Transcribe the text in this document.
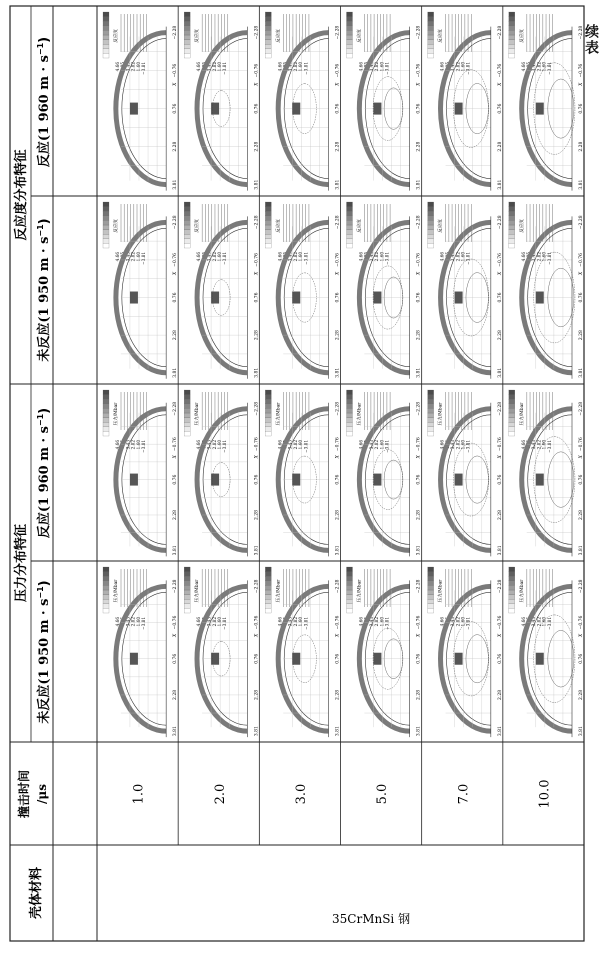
续表
壳体材料
撞击时间 /μs
压力分布特征
反应度分布特征
未反应(1 950 $m \cdot s^{-1}$)
反应(1 960 $m \cdot s^{-1}$)
未反应(1 950 $m \cdot s^{-1}$)
反应(1 960 $m \cdot s^{-1}$)
35CrMnSi 钢
1.0
压力/Mbar
4.66 4.05 3.43 2.82 1.60 −3.81
3.81
2.28
0.76
−0.76
−2.28
X
压力/Mbar
4.66 4.05 3.43 2.82 1.60 −3.81
3.81
2.28
0.76
−0.76
−2.28
X
反应度
4.66 4.05 3.43 2.82 1.60 −3.81
3.81
2.28
0.76
−0.76
−2.28
X
反应度
4.66 4.05 3.43 2.82 1.60 −3.81
3.81
2.28
0.76
−0.76
−2.28
X
2.0
压力/Mbar
4.66 4.05 3.43 2.82 1.60 −3.81
3.81
2.28
0.76
−0.76
−2.28
X
压力/Mbar
4.66 4.05 3.43 2.82 1.60 −3.81
3.81
2.28
0.76
−0.76
−2.28
X
反应度
4.66 4.05 3.43 2.82 1.60 −3.81
3.81
2.28
0.76
−0.76
−2.28
X
反应度
4.66 4.05 3.43 2.82 1.60 −3.81
3.81
2.28
0.76
−0.76
−2.28
X
3.0
压力/Mbar
4.66 4.05 3.43 2.82 1.60 −3.81
3.81
2.28
0.76
−0.76
−2.28
X
压力/Mbar
4.66 4.05 3.43 2.82 1.60 −3.81
3.81
2.28
0.76
−0.76
−2.28
X
反应度
4.66 4.05 3.43 2.82 1.60 −3.81
3.81
2.28
0.76
−0.76
−2.28
X
反应度
4.66 4.05 3.43 2.82 1.60 −3.81
3.81
2.28
0.76
−0.76
−2.28
X
5.0
压力/Mbar
4.66 4.05 3.43 2.82 1.60 −3.81
3.81
2.28
0.76
−0.76
−2.28
X
压力/Mbar
4.66 4.05 3.43 2.82 1.60 −3.81
3.81
2.28
0.76
−0.76
−2.28
X
反应度
4.66 4.05 3.43 2.82 1.60 −3.81
3.81
2.28
0.76
−0.76
−2.28
X
反应度
4.66 4.05 3.43 2.82 1.60 −3.81
3.81
2.28
0.76
−0.76
−2.28
X
7.0
压力/Mbar
4.66 4.05 3.43 2.82 1.60 −3.81
3.81
2.28
0.76
−0.76
−2.28
X
压力/Mbar
4.66 4.05 3.43 2.82 1.60 −3.81
3.81
2.28
0.76
−0.76
−2.28
X
反应度
4.66 4.05 3.43 2.82 1.60 −3.81
3.81
2.28
0.76
−0.76
−2.28
X
反应度
4.66 4.05 3.43 2.82 1.60 −3.81
3.81
2.28
0.76
−0.76
−2.28
X
10.0
压力/Mbar
4.66 4.05 3.43 2.82 1.60 −3.81
3.81
2.28
0.76
−0.76
−2.28
X
压力/Mbar
4.66 4.05 3.43 2.82 1.60 −3.81
3.81
2.28
0.76
−0.76
−2.28
X
反应度
4.66 4.05 3.43 2.82 1.60 −3.81
3.81
2.28
0.76
−0.76
−2.28
X
反应度
4.66 4.05 3.43 2.82 1.60 −3.81
3.81
2.28
0.76
−0.76
−2.28
X
